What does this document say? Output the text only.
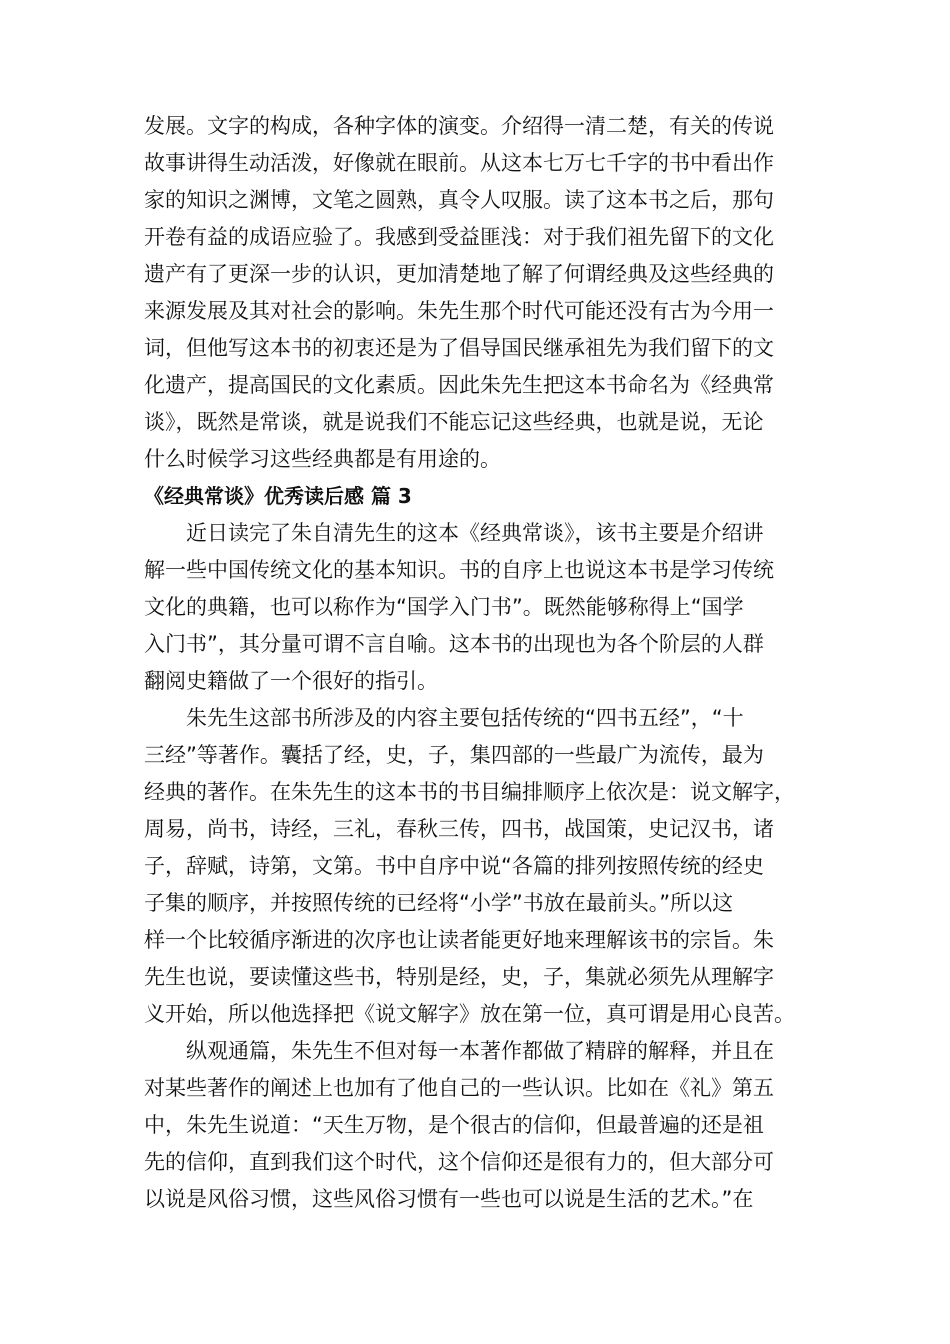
发展。文字的构成，各种字体的演变。介绍得一清二楚，有关的传说
故事讲得生动活泼，好像就在眼前。从这本七万七千字的书中看出作
家的知识之渊博，文笔之圆熟，真令人叹服。读了这本书之后，那句
开卷有益的成语应验了。我感到受益匪浅：对于我们祖先留下的文化
遗产有了更深一步的认识，更加清楚地了解了何谓经典及这些经典的
来源发展及其对社会的影响。朱先生那个时代可能还没有古为今用一
词，但他写这本书的初衷还是为了倡导国民继承祖先为我们留下的文
化遗产，提高国民的文化素质。因此朱先生把这本书命名为《经典常
谈》，既然是常谈，就是说我们不能忘记这些经典，也就是说，无论
什么时候学习这些经典都是有用途的。
《经典常谈》优秀读后感 篇 3
近日读完了朱自清先生的这本《经典常谈》，该书主要是介绍讲
解一些中国传统文化的基本知识。书的自序上也说这本书是学习传统
文化的典籍，也可以称作为“国学入门书”。既然能够称得上“国学
入门书”，其分量可谓不言自喻。这本书的出现也为各个阶层的人群
翻阅史籍做了一个很好的指引。
朱先生这部书所涉及的内容主要包括传统的“四书五经”，“十
三经”等著作。囊括了经，史，子，集四部的一些最广为流传，最为
经典的著作。在朱先生的这本书的书目编排顺序上依次是：说文解字，
周易，尚书，诗经，三礼，春秋三传，四书，战国策，史记汉书，诸
子，辞赋，诗第，文第。书中自序中说“各篇的排列按照传统的经史
子集的顺序，并按照传统的已经将“小学”书放在最前头。”所以这
样一个比较循序渐进的次序也让读者能更好地来理解该书的宗旨。朱
先生也说，要读懂这些书，特别是经，史，子，集就必须先从理解字
义开始，所以他选择把《说文解字》放在第一位，真可谓是用心良苦。
纵观通篇，朱先生不但对每一本著作都做了精辟的解释，并且在
对某些著作的阐述上也加有了他自己的一些认识。比如在《礼》第五
中，朱先生说道：“天生万物，是个很古的信仰，但最普遍的还是祖
先的信仰，直到我们这个时代，这个信仰还是很有力的，但大部分可
以说是风俗习惯，这些风俗习惯有一些也可以说是生活的艺术。”在
